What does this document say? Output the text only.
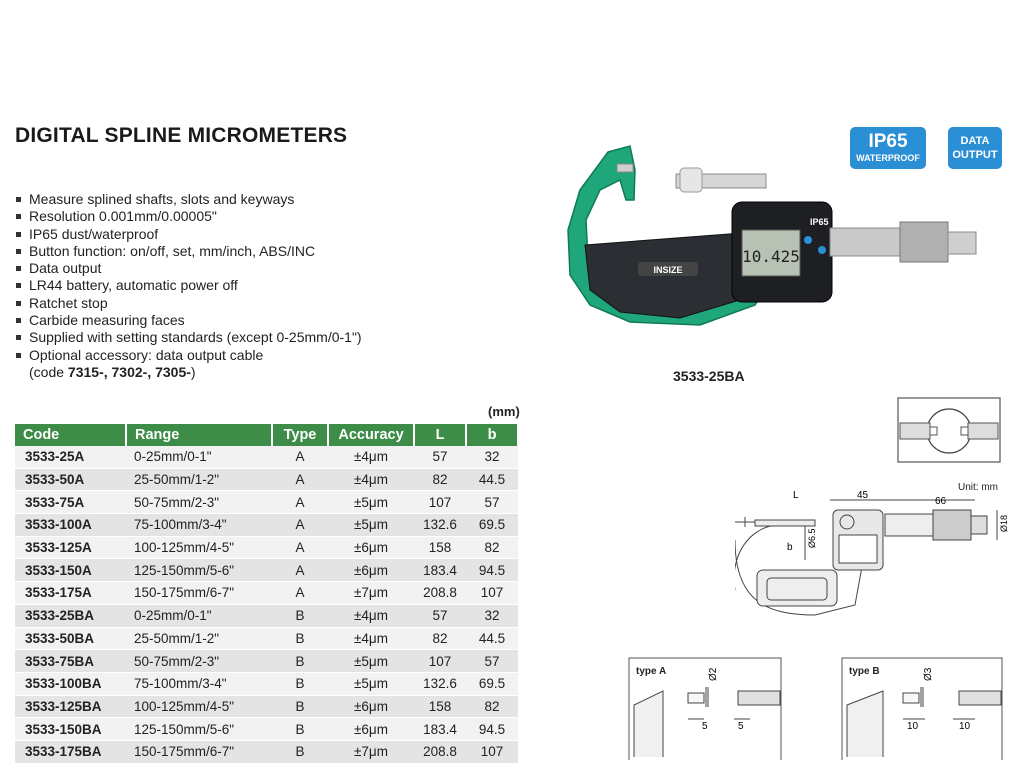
DIGITAL SPLINE MICROMETERS
Measure splined shafts, slots and keyways
Resolution 0.001mm/0.00005"
IP65 dust/waterproof
Button function: on/off, set, mm/inch, ABS/INC
Data output
LR44 battery, automatic power off
Ratchet stop
Carbide measuring faces
Supplied with setting standards (except 0-25mm/0-1")
Optional accessory: data output cable
(code 7315-, 7302-, 7305-)
IP65
WATERPROOF
DATA OUTPUT
INSIZE
10.425
IP65
3533-25BA
(mm)
Code	Range	Type	Accuracy	L	b
3533-25A	0-25mm/0-1"	A	±4μm	57	32
3533-50A	25-50mm/1-2"	A	±4μm	82	44.5
3533-75A	50-75mm/2-3"	A	±5μm	107	57
3533-100A	75-100mm/3-4"	A	±5μm	132.6	69.5
3533-125A	100-125mm/4-5"	A	±6μm	158	82
3533-150A	125-150mm/5-6"	A	±6μm	183.4	94.5
3533-175A	150-175mm/6-7"	A	±7μm	208.8	107
3533-25BA	0-25mm/0-1"	B	±4μm	57	32
3533-50BA	25-50mm/1-2"	B	±4μm	82	44.5
3533-75BA	50-75mm/2-3"	B	±5μm	107	57
3533-100BA	75-100mm/3-4"	B	±5μm	132.6	69.5
3533-125BA	100-125mm/4-5"	B	±6μm	158	82
3533-150BA	125-150mm/5-6"	B	±6μm	183.4	94.5
3533-175BA	150-175mm/6-7"	B	±7μm	208.8	107
L	45
66
b Ø6.5
Ø18
Unit: mm
Ø2
5	5
type A	Ø3
10	10
type B
